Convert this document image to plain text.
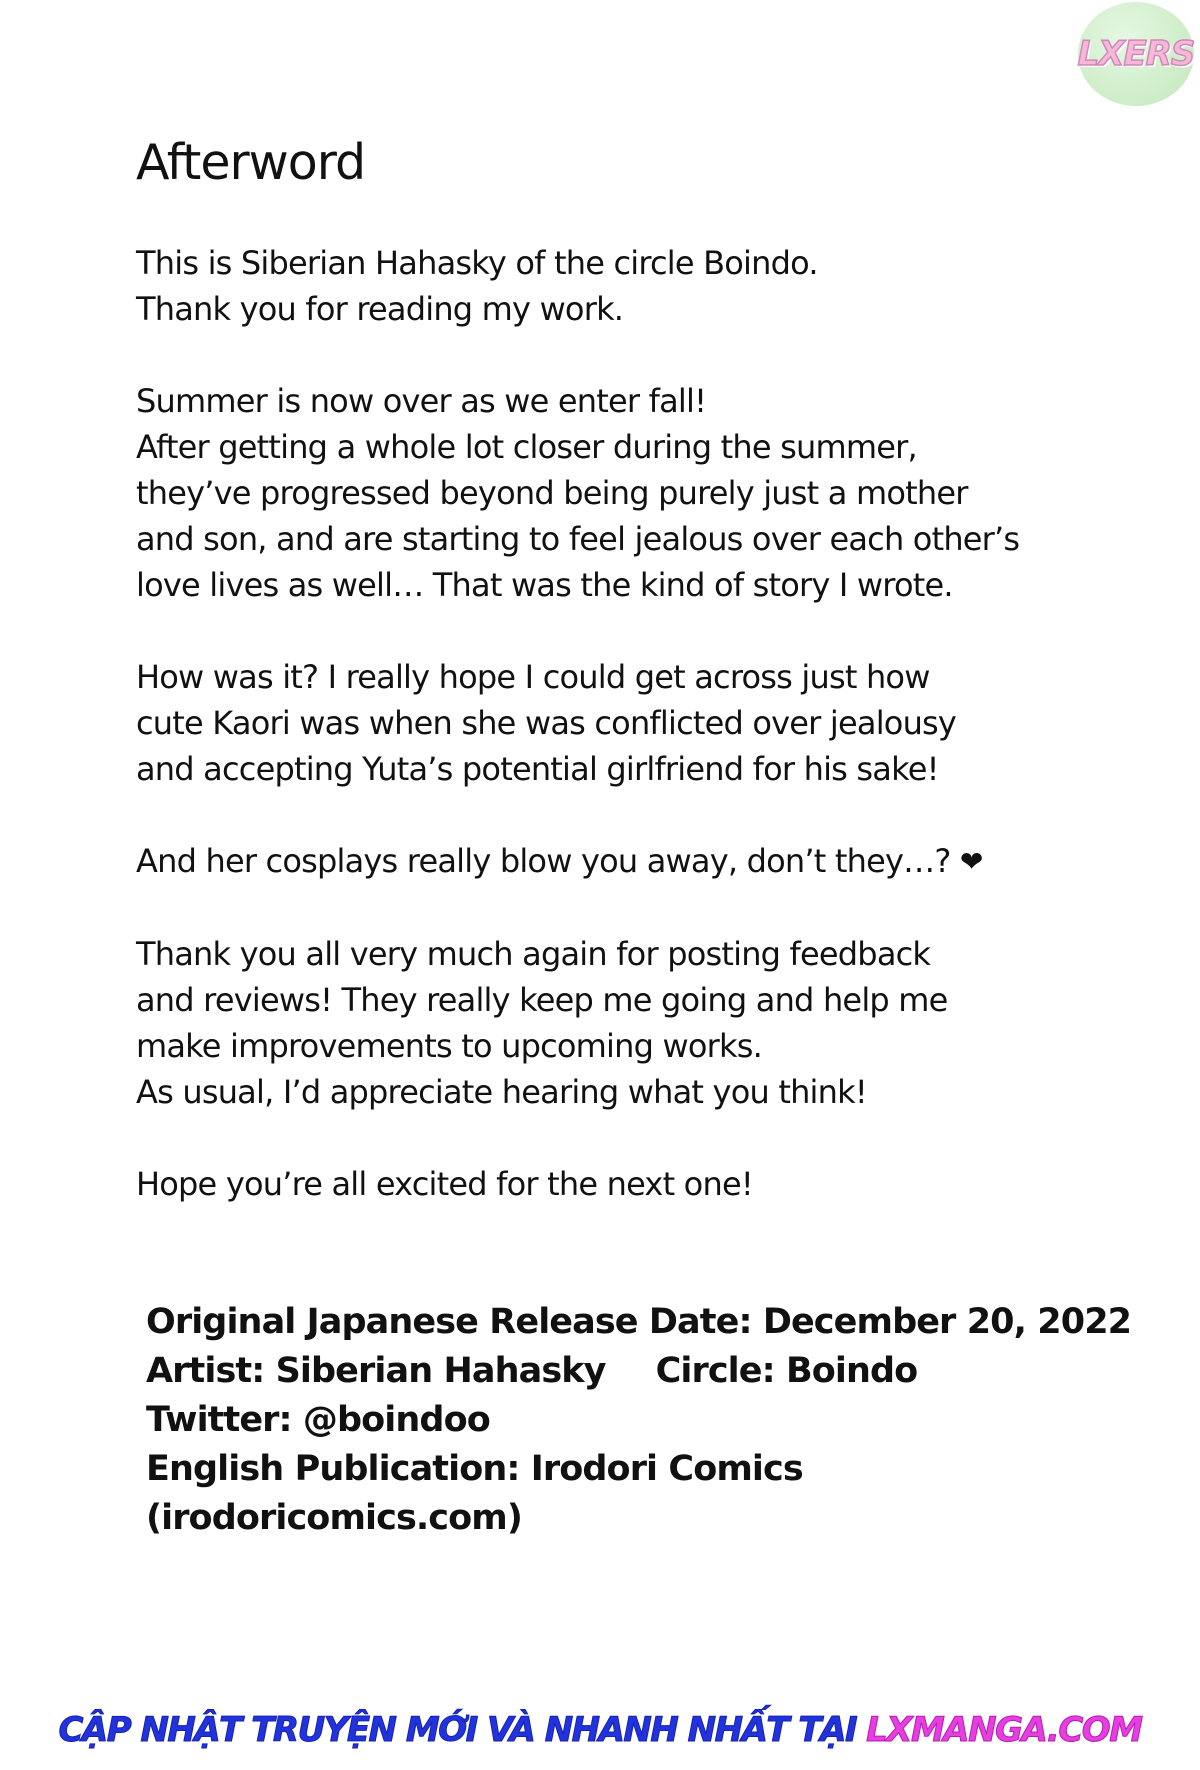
LXERS
Afterword
This is Siberian Hahasky of the circle Boindo.
Thank you for reading my work.
Summer is now over as we enter fall!
After getting a whole lot closer during the summer,
they’ve progressed beyond being purely just a mother
and son, and are starting to feel jealous over each other’s
love lives as well… That was the kind of story I wrote.
How was it? I really hope I could get across just how
cute Kaori was when she was conflicted over jealousy
and accepting Yuta’s potential girlfriend for his sake!
And her cosplays really blow you away, don’t they…? ❤
Thank you all very much again for posting feedback
and reviews! They really keep me going and help me
make improvements to upcoming works.
As usual, I’d appreciate hearing what you think!
Hope you’re all excited for the next one!
Original Japanese Release Date: December 20, 2022
Artist: Siberian Hahasky Circle: Boindo
Twitter: @boindoo
English Publication: Irodori Comics
(irodoricomics.com)
CẬP NHẬT TRUYỆN MỚI VÀ NHANH NHẤT TẠI LXMANGA.COM
